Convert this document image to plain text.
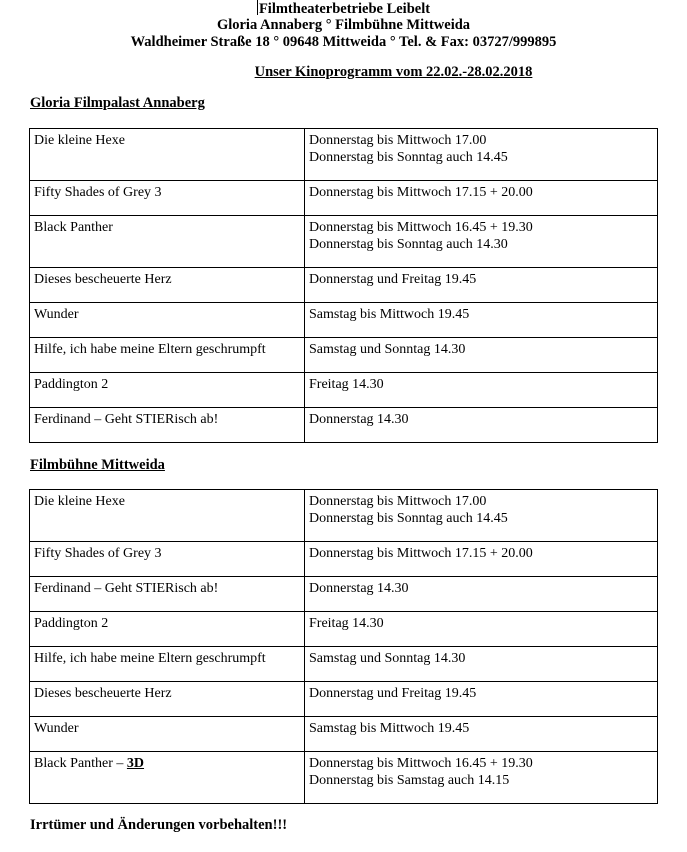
Filmtheaterbetriebe Leibelt
Gloria Annaberg ° Filmbühne Mittweida
Waldheimer Straße 18 ° 09648 Mittweida ° Tel. & Fax: 03727/999895
Unser Kinoprogramm vom 22.02.-28.02.2018
Gloria Filmpalast Annaberg
Die kleine Hexe	Donnerstag bis Mittwoch 17.00
Donnerstag bis Sonntag auch 14.45

Fifty Shades of Grey 3	Donnerstag bis Mittwoch 17.15 + 20.00

Black Panther	Donnerstag bis Mittwoch 16.45 + 19.30
Donnerstag bis Sonntag auch 14.30

Dieses bescheuerte Herz	Donnerstag und Freitag 19.45

Wunder	Samstag bis Mittwoch 19.45

Hilfe, ich habe meine Eltern geschrumpft	Samstag und Sonntag 14.30

Paddington 2	Freitag 14.30

Ferdinand – Geht STIERisch ab!	Donnerstag 14.30
Filmbühne Mittweida
Die kleine Hexe	Donnerstag bis Mittwoch 17.00
Donnerstag bis Sonntag auch 14.45

Fifty Shades of Grey 3	Donnerstag bis Mittwoch 17.15 + 20.00

Ferdinand – Geht STIERisch ab!	Donnerstag 14.30

Paddington 2	Freitag 14.30

Hilfe, ich habe meine Eltern geschrumpft	Samstag und Sonntag 14.30

Dieses bescheuerte Herz	Donnerstag und Freitag 19.45

Wunder	Samstag bis Mittwoch 19.45

Black Panther – 3D	Donnerstag bis Mittwoch 16.45 + 19.30
Donnerstag bis Samstag auch 14.15
Irrtümer und Änderungen vorbehalten!!!
